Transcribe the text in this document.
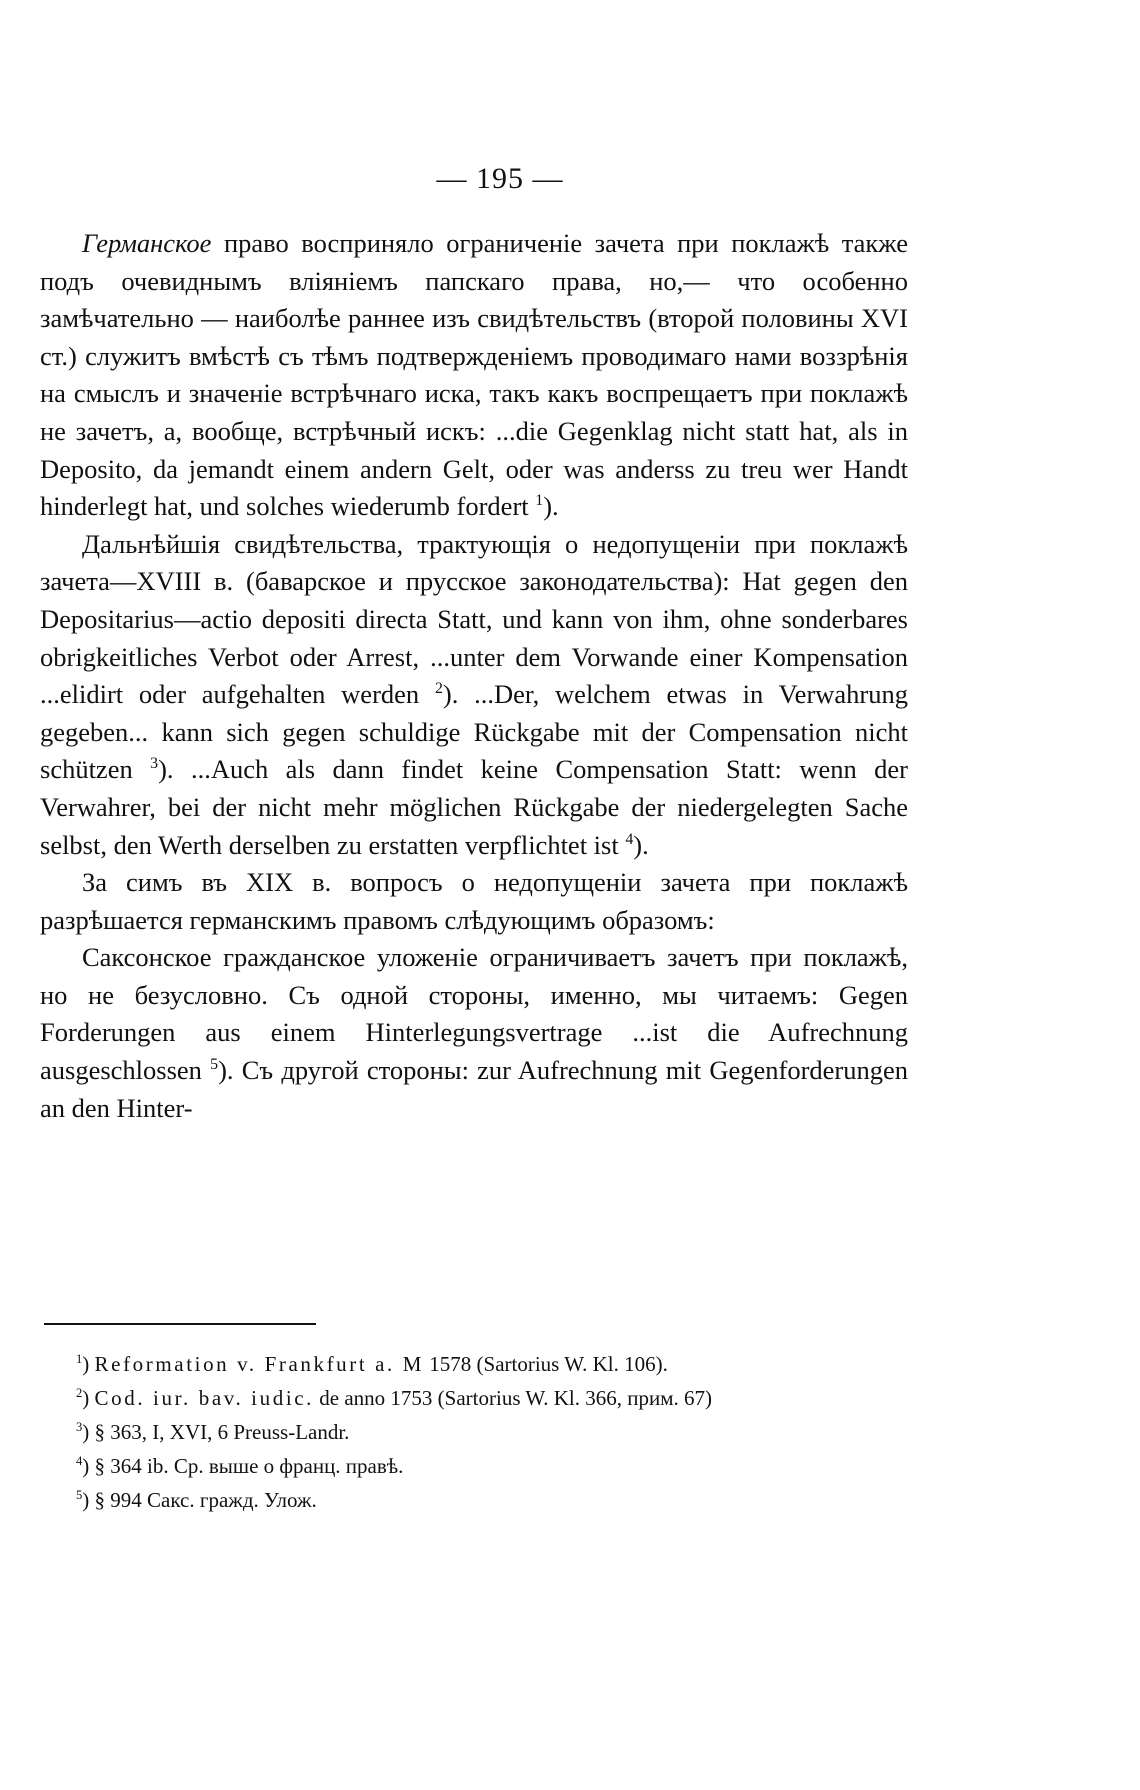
— 195 —

Германское право восприняло ограниченіе зачета при поклажѣ также подъ очевиднымъ вліяніемъ папскаго права, но,— что особенно замѣчательно — наиболѣе раннее изъ свидѣтельствъ (второй половины XVI ст.) служитъ вмѣстѣ съ тѣмъ подтвержденіемъ проводимаго нами воззрѣнія на смыслъ и значеніе встрѣчнаго иска, такъ какъ воспрещаетъ при поклажѣ не зачетъ, а, вообще, встрѣчный искъ: ...die Gegenklag nicht statt hat, als in Deposito, da jemandt einem andern Gelt, oder was anderss zu treu wer Handt hinderlegt hat, und solches wiederumb fordert $^1$).

Дальнѣйшія свидѣтельства, трактующія о недопущеніи при поклажѣ зачета—XVIII в. (баварское и прусское законодательства): Hat gegen den Depositarius—actio depositi directa Statt, und kann von ihm, ohne sonderbares obrigkeitliches Verbot oder Arrest, ...unter dem Vorwande einer Kompensation ...elidirt oder aufgehalten werden $^2$). ...Der, welchem etwas in Verwahrung gegeben... kann sich gegen schuldige Rückgabe mit der Compensation nicht schützen $^3$). ...Auch als dann findet keine Compensation Statt: wenn der Verwahrer, bei der nicht mehr möglichen Rückgabe der niedergelegten Sache selbst, den Werth derselben zu erstatten verpflichtet ist $^4$).

За симъ въ XIX в. вопросъ о недопущеніи зачета при поклажѣ разрѣшается германскимъ правомъ слѣдующимъ образомъ:

Саксонское гражданское уложеніе ограничиваетъ зачетъ при поклажѣ, но не безусловно. Съ одной стороны, именно, мы читаемъ: Gegen Forderungen aus einem Hinterlegungsvertrage ...ist die Aufrechnung ausgeschlossen $^5$). Съ другой стороны: zur Aufrechnung mit Gegenforderungen an den Hinter-

$^1$) Reformation v. Frankfurt a. M 1578 (Sartorius W. Kl. 106).

$^2$) Cod. iur. bav. iudic. de anno 1753 (Sartorius W. Kl. 366, прим. 67)

$^3$) § 363, I, XVI, 6 Preuss-Landr.

$^4$) § 364 ib. Ср. выше о франц. правѣ.

$^5$) § 994 Сакс. гражд. Улож.
